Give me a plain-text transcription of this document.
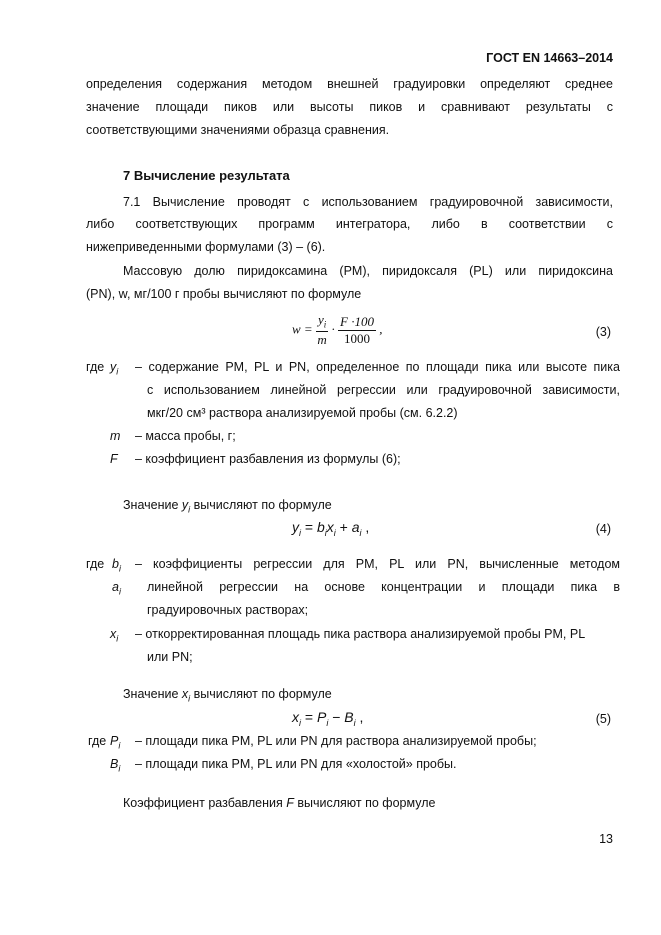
ГОСТ EN 14663–2014
определения содержания методом внешней градуировки определяют среднее
значение площади пиков или высоты пиков и сравнивают результаты с
соответствующими значениями образца сравнения.
7 Вычисление результата
7.1 Вычисление проводят с использованием градуировочной зависимости,
либо соответствующих программ интегратора, либо в соответствии с
нижеприведенными формулами (3) – (6).
Массовую долю пиридоксамина (PM), пиридоксаля (PL) или пиридоксина
(PN), w, мг/100 г пробы вычисляют по формуле
$w = \frac{y_i}{m} \cdot \frac{F \cdot 100}{1000}$ ,	(3)
где $y_i$ – содержание PM, PL и PN, определенное по площади пика или высоте пика
с использованием линейной регрессии или градуировочной зависимости,
мкг/20 см³ раствора анализируемой пробы (см. 6.2.2)
m – масса пробы, г;
F – коэффициент разбавления из формулы (6);
Значение $y_i$ вычисляют по формуле
$y_i = b_ix_i + a_i$ ,	(4)
где $b_i$ – коэффициенты регрессии для PM, PL или PN, вычисленные методом
$a_i$ линейной регрессии на основе концентрации и площади пика в
градуировочных растворах;
$x_i$ – откорректированная площадь пика раствора анализируемой пробы PM, PL
или PN;
Значение $x_i$ вычисляют по формуле
$x_i = P_i - B_i$ ,	(5)
где $P_i$ – площади пика PM, PL или PN для раствора анализируемой пробы;
$B_i$ – площади пика PM, PL или PN для «холостой» пробы.
Коэффициент разбавления F вычисляют по формуле
13
